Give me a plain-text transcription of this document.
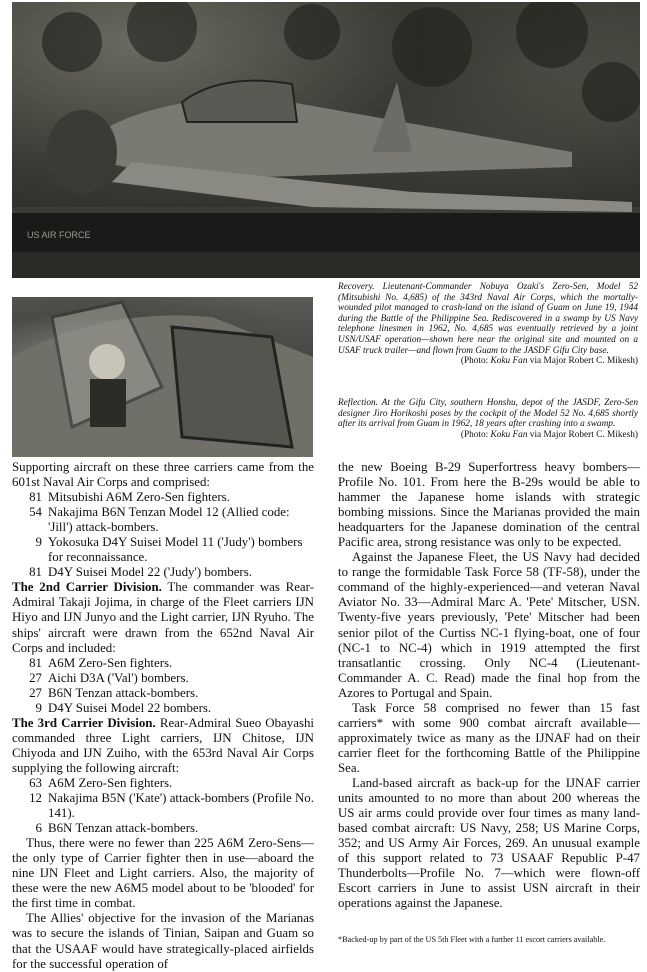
US AIR FORCE
Recovery. Lieutenant-Commander Nobuya Ozaki's Zero-Sen, Model 52 (Mitsubishi No. 4,685) of the 343rd Naval Air Corps, which the mortally-wounded pilot managed to crash-land on the island of Guam on June 19, 1944 during the Battle of the Philippine Sea. Rediscovered in a swamp by US Navy telephone linesmen in 1962, No. 4,685 was eventually retrieved by a joint USN/USAF operation—shown here near the original site and mounted on a USAF truck trailer—and flown from Guam to the JASDF Gifu City base.
(Photo: Koku Fan via Major Robert C. Mikesh)
Reflection. At the Gifu City, southern Honshu, depot of the JASDF, Zero-Sen designer Jiro Horikoshi poses by the cockpit of the Model 52 No. 4,685 shortly after its arrival from Guam in 1962, 18 years after crashing into a swamp.
(Photo: Koku Fan via Major Robert C. Mikesh)

Supporting aircraft on these three carriers came from the 601st Naval Air Corps and comprised:

81 Mitsubishi A6M Zero-Sen fighters.
54 Nakajima B6N Tenzan Model 12 (Allied code: 'Jill') attack-bombers.
9 Yokosuka D4Y Suisei Model 11 ('Judy') bombers for reconnaissance.
81 D4Y Suisei Model 22 ('Judy') bombers.

The 2nd Carrier Division. The commander was Rear-Admiral Takaji Jojima, in charge of the Fleet carriers IJN Hiyo and IJN Junyo and the Light carrier, IJN Ryuho. The ships' aircraft were drawn from the 652nd Naval Air Corps and included:

81 A6M Zero-Sen fighters.
27 Aichi D3A ('Val') bombers.
27 B6N Tenzan attack-bombers.
9 D4Y Suisei Model 22 bombers.

The 3rd Carrier Division. Rear-Admiral Sueo Obayashi commanded three Light carriers, IJN Chitose, IJN Chiyoda and IJN Zuiho, with the 653rd Naval Air Corps supplying the following aircraft:

63 A6M Zero-Sen fighters.
12 Nakajima B5N ('Kate') attack-bombers (Profile No. 141).
6 B6N Tenzan attack-bombers.

Thus, there were no fewer than 225 A6M Zero-Sens—the only type of Carrier fighter then in use—aboard the nine IJN Fleet and Light carriers. Also, the majority of these were the new A6M5 model about to be 'blooded' for the first time in combat.

The Allies' objective for the invasion of the Marianas was to secure the islands of Tinian, Saipan and Guam so that the USAAF would have strategically-placed airfields for the successful operation of

the new Boeing B-29 Superfortress heavy bombers—Profile No. 101. From here the B-29s would be able to hammer the Japanese home islands with strategic bombing missions. Since the Marianas provided the main headquarters for the Japanese domination of the central Pacific area, strong resistance was only to be expected.

Against the Japanese Fleet, the US Navy had decided to range the formidable Task Force 58 (TF-58), under the command of the highly-experienced—and veteran Naval Aviator No. 33—Admiral Marc A. 'Pete' Mitscher, USN. Twenty-five years previously, 'Pete' Mitscher had been senior pilot of the Curtiss NC-1 flying-boat, one of four (NC-1 to NC-4) which in 1919 attempted the first transatlantic crossing. Only NC-4 (Lieutenant-Commander A. C. Read) made the final hop from the Azores to Portugal and Spain.

Task Force 58 comprised no fewer than 15 fast carriers* with some 900 combat aircraft available—approximately twice as many as the IJNAF had on their carrier fleet for the forthcoming Battle of the Philippine Sea.

Land-based aircraft as back-up for the IJNAF carrier units amounted to no more than about 200 whereas the US air arms could provide over four times as many land-based combat aircraft: US Navy, 258; US Marine Corps, 352; and US Army Air Forces, 269. An unusual example of this support related to 73 USAAF Republic P-47 Thunderbolts—Profile No. 7—which were flown-off Escort carriers in June to assist USN aircraft in their operations against the Japanese.

*Backed-up by part of the US 5th Fleet with a further 11 escort carriers available.
